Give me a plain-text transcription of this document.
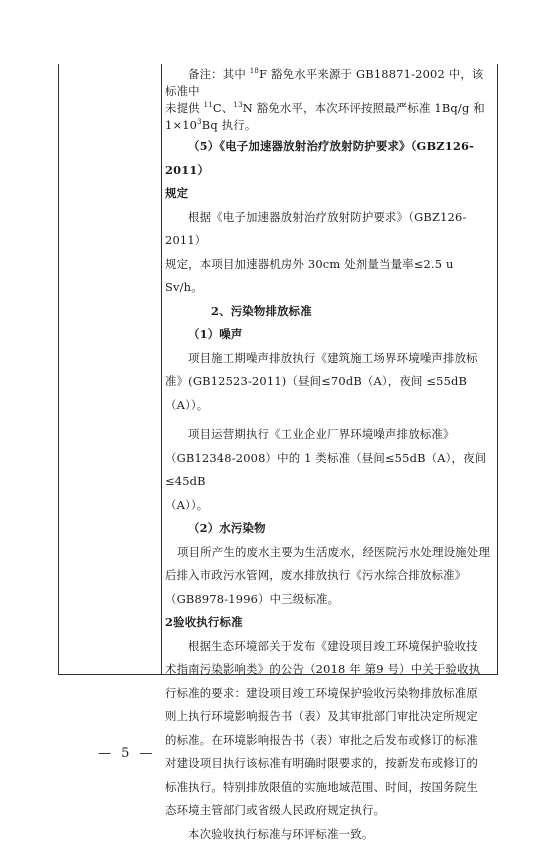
备注：其中 $^{18}$F 豁免水平来源于 GB18871-2002 中，该标准中

未提供 $^{11}$C、$^{13}$N 豁免水平，本次环评按照最严标准 1Bq/g 和

$1\times 10^3Bq$ 执行。

（5）《电子加速器放射治疗放射防护要求》（GBZ126-2011）

规定

根据《电子加速器放射治疗放射防护要求》（GBZ126-2011）

规定，本项目加速器机房外 30cm 处剂量当量率≤2.5 u Sv/h。

2、污染物排放标准

（1）噪声

项目施工期噪声排放执行《建筑施工场界环境噪声排放标

准》(GB12523-2011)（昼间≤70dB（A），夜间 ≤55dB（A））。

项目运营期执行《工业企业厂界环境噪声排放标准》

（GB12348-2008）中的 1 类标准（昼间≤55dB（A），夜间 ≤45dB

（A））。

（2）水污染物

项目所产生的废水主要为生活废水，经医院污水处理设施处理

后排入市政污水管网，废水排放执行《污水综合排放标准》

（GB8978-1996）中三级标准。

2验收执行标准

根据生态环境部关于发布《建设项目竣工环境保护验收技

术指南污染影响类》的公告（2018 年 第9 号）中关于验收执

行标准的要求：建设项目竣工环境保护验收污染物排放标准原

则上执行环境影响报告书（表）及其审批部门审批决定所规定

的标准。在环境影响报告书（表）审批之后发布或修订的标准

对建设项目执行该标准有明确时限要求的，按新发布或修订的

标准执行。特别排放限值的实施地域范围、时间，按国务院生

态环境主管部门或省级人民政府规定执行。

本次验收执行标准与环评标准一致。

— 5 —
